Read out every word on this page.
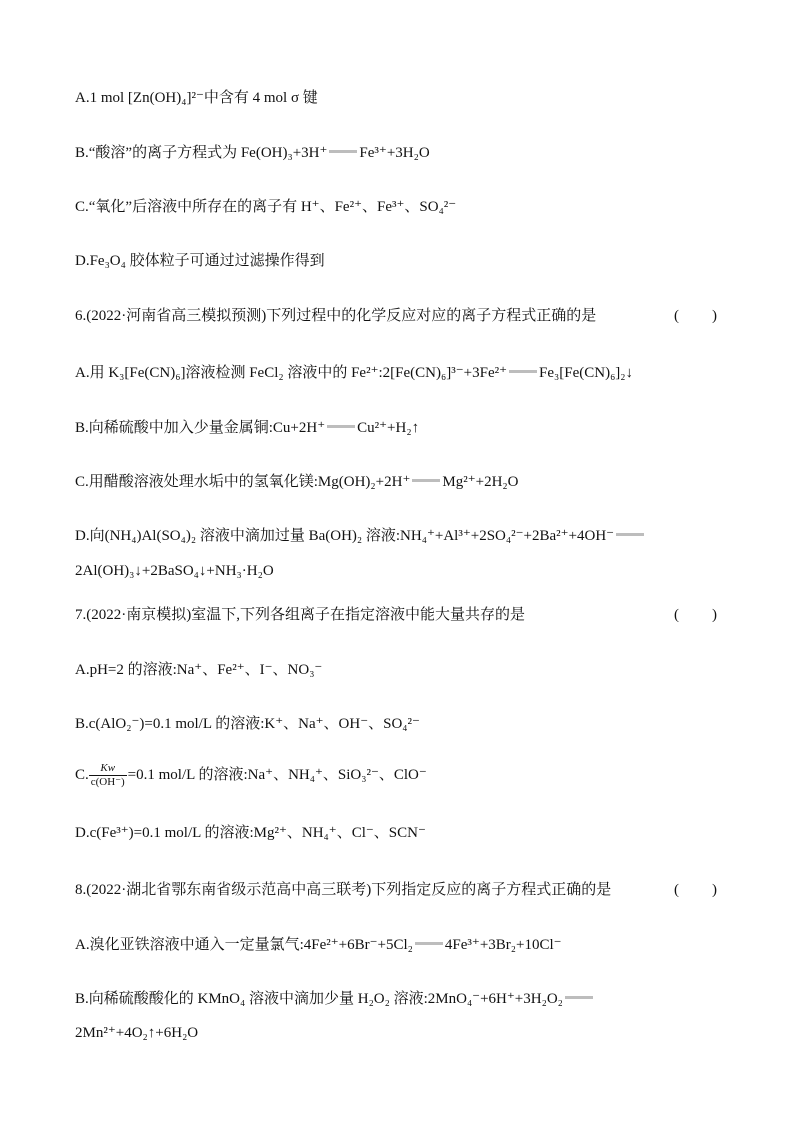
A.1 mol [Zn(OH)₄]²⁻中含有 4 mol σ 键
B.“酸溶”的离子方程式为 Fe(OH)₃+3H⁺ Fe³⁺+3H₂O
C.“氧化”后溶液中所存在的离子有 H⁺、Fe²⁺、Fe³⁺、SO₄²⁻
D.Fe₃O₄ 胶体粒子可通过过滤操作得到
6.(2022·河南省高三模拟预测)下列过程中的化学反应对应的离子方程式正确的是	(　　)
A.用 K₃[Fe(CN)₆]溶液检测 FeCl₂ 溶液中的 Fe²⁺:2[Fe(CN)₆]³⁻+3Fe²⁺ Fe₃[Fe(CN)₆]₂↓
B.向稀硫酸中加入少量金属铜:Cu+2H⁺ Cu²⁺+H₂↑
C.用醋酸溶液处理水垢中的氢氧化镁:Mg(OH)₂+2H⁺ Mg²⁺+2H₂O
D.向(NH₄)Al(SO₄)₂ 溶液中滴加过量 Ba(OH)₂ 溶液:NH₄⁺+Al³⁺+2SO₄²⁻+2Ba²⁺+4OH⁻
2Al(OH)₃↓+2BaSO₄↓+NH₃·H₂O
7.(2022·南京模拟)室温下,下列各组离子在指定溶液中能大量共存的是	(　　)
A.pH=2 的溶液:Na⁺、Fe²⁺、I⁻、NO₃⁻
B.c(AlO₂⁻)=0.1 mol/L 的溶液:K⁺、Na⁺、OH⁻、SO₄²⁻
C. $\frac{Kw}{c(OH^-)} =0.1$ mol/L 的溶液:Na⁺、NH₄⁺、SiO₃²⁻、ClO⁻
D.c(Fe³⁺)=0.1 mol/L 的溶液:Mg²⁺、NH₄⁺、Cl⁻、SCN⁻
8.(2022·湖北省鄂东南省级示范高中高三联考)下列指定反应的离子方程式正确的是	(　　)
A.溴化亚铁溶液中通入一定量氯气:4Fe²⁺+6Br⁻+5Cl₂ 4Fe³⁺+3Br₂+10Cl⁻
B.向稀硫酸酸化的 KMnO₄ 溶液中滴加少量 H₂O₂ 溶液:2MnO₄⁻+6H⁺+3H₂O₂
2Mn²⁺+4O₂↑+6H₂O
